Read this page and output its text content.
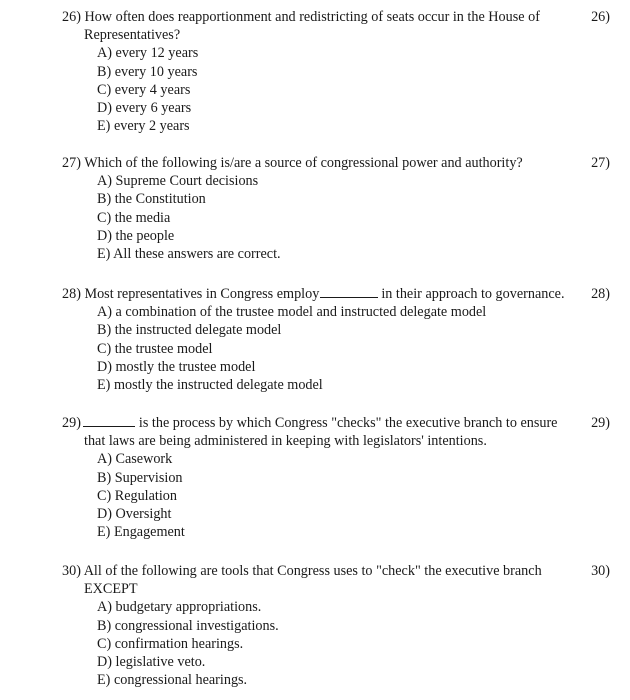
26) How often does reapportionment and redistricting of seats occur in the House of
Representatives?
A) every 12 years
B) every 10 years
C) every 4 years
D) every 6 years
E) every 2 years
26)
27) Which of the following is/are a source of congressional power and authority?
A) Supreme Court decisions
B) the Constitution
C) the media
D) the people
E) All these answers are correct.
27)
28) Most representatives in Congress employ	in their approach to governance.
A) a combination of the trustee model and instructed delegate model
B) the instructed delegate model
C) the trustee model
D) mostly the trustee model
E) mostly the instructed delegate model
28)
29)	is the process by which Congress "checks" the executive branch to ensure
that laws are being administered in keeping with legislators' intentions.
A) Casework
B) Supervision
C) Regulation
D) Oversight
E) Engagement
29)
30) All of the following are tools that Congress uses to "check" the executive branch
EXCEPT
A) budgetary appropriations.
B) congressional investigations.
C) confirmation hearings.
D) legislative veto.
E) congressional hearings.
30)
